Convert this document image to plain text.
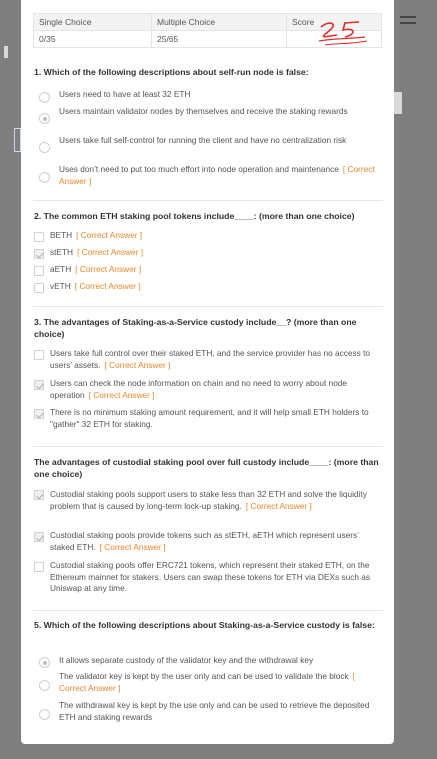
Single Choice	Multiple Choice	Score
0/35	25/65	
1. Which of the following descriptions about self-run node is false:
Users need to have at least 32 ETH
Users maintain validator nodes by themselves and receive the staking rewards
Users take full self-control for running the client and have no centralization risk
Uses don’t need to put too much effort into node operation and maintenance [ Correct Answer ]
2. The common ETH staking pool tokens include____: (more than one choice)
BETH [ Correct Answer ]
stETH [ Correct Answer ]
aETH [ Correct Answer ]
vETH [ Correct Answer ]
3. The advantages of Staking-as-a-Service custody include__? (more than one choice)
Users take full control over their staked ETH, and the service provider has no access to users’ assets. [ Correct Answer ]
Users can check the node information on chain and no need to worry about node operation [ Correct Answer ]
There is no minimum staking amount requirement, and it will help small ETH holders to "gather" 32 ETH for staking.
The advantages of custodial staking pool over full custody include____: (more than one choice)
Custodial staking pools support users to stake less than 32 ETH and solve the liquidity problem that is caused by long-term lock-up staking. [ Correct Answer ]
Custodial staking pools provide tokens such as stETH, aETH which represent users’ staked ETH. [ Correct Answer ]
Custodial staking pools offer ERC721 tokens, which represent their staked ETH, on the Ethereum mainnet for stakers. Users can swap these tokens for ETH via DEXs such as Uniswap at any time.
5. Which of the following descriptions about Staking-as-a-Service custody is false:
It allows separate custody of the validator key and the withdrawal key
The validator key is kept by the user only and can be used to validate the block [ Correct Answer ]
The withdrawal key is kept by the use only and can be used to retrieve the deposited ETH and staking rewards
